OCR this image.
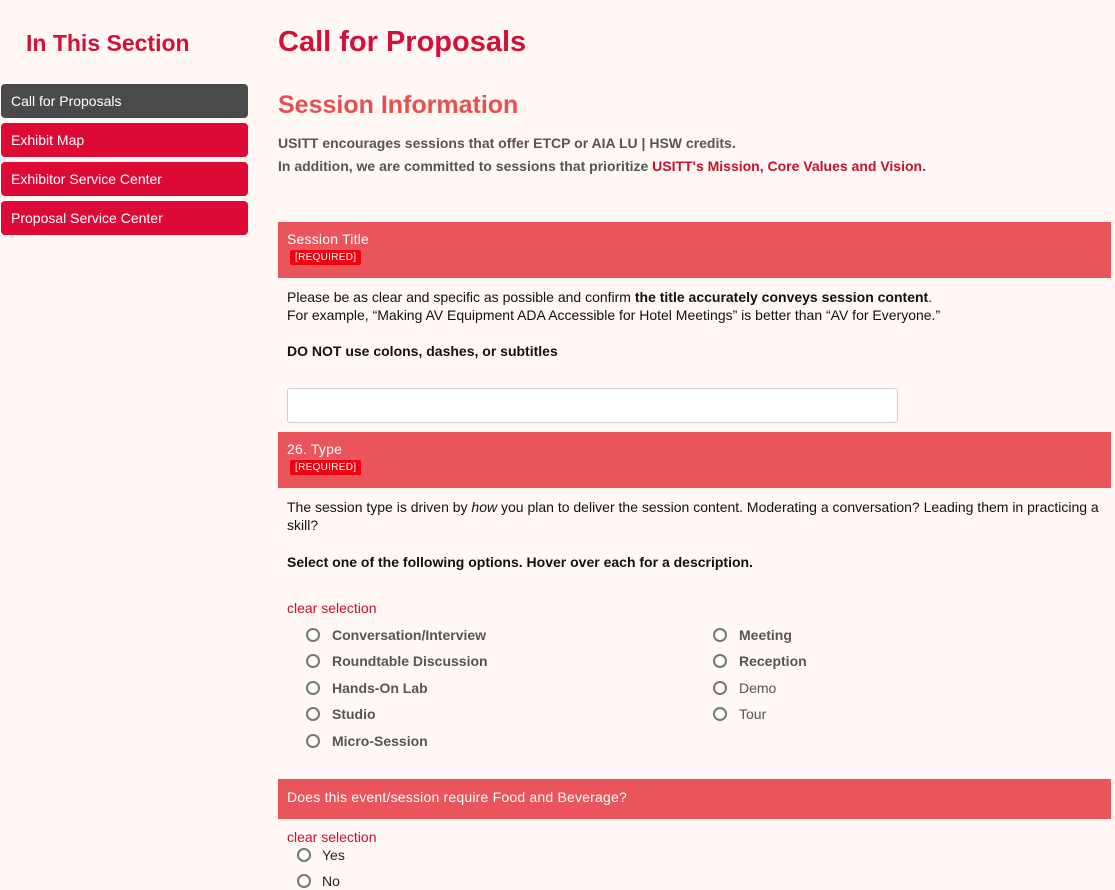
In This Section
Call for Proposals
Exhibit Map
Exhibitor Service Center
Proposal Service Center
Call for Proposals
Session Information
USITT encourages sessions that offer ETCP or AIA LU | HSW credits.
In addition, we are committed to sessions that prioritize USITT's Mission, Core Values and Vision.
Session Title
[REQUIRED]
Please be as clear and specific as possible and confirm the title accurately conveys session content.
For example, “Making AV Equipment ADA Accessible for Hotel Meetings” is better than “AV for Everyone.”
DO NOT use colons, dashes, or subtitles
26. Type
[REQUIRED]
The session type is driven by how you plan to deliver the session content. Moderating a conversation? Leading them in practicing a skill?
Select one of the following options. Hover over each for a description.
clear selection
Conversation/Interview
Roundtable Discussion
Hands-On Lab
Studio
Micro-Session
Meeting
Reception
Demo
Tour
Does this event/session require Food and Beverage?
clear selection
Yes
No
